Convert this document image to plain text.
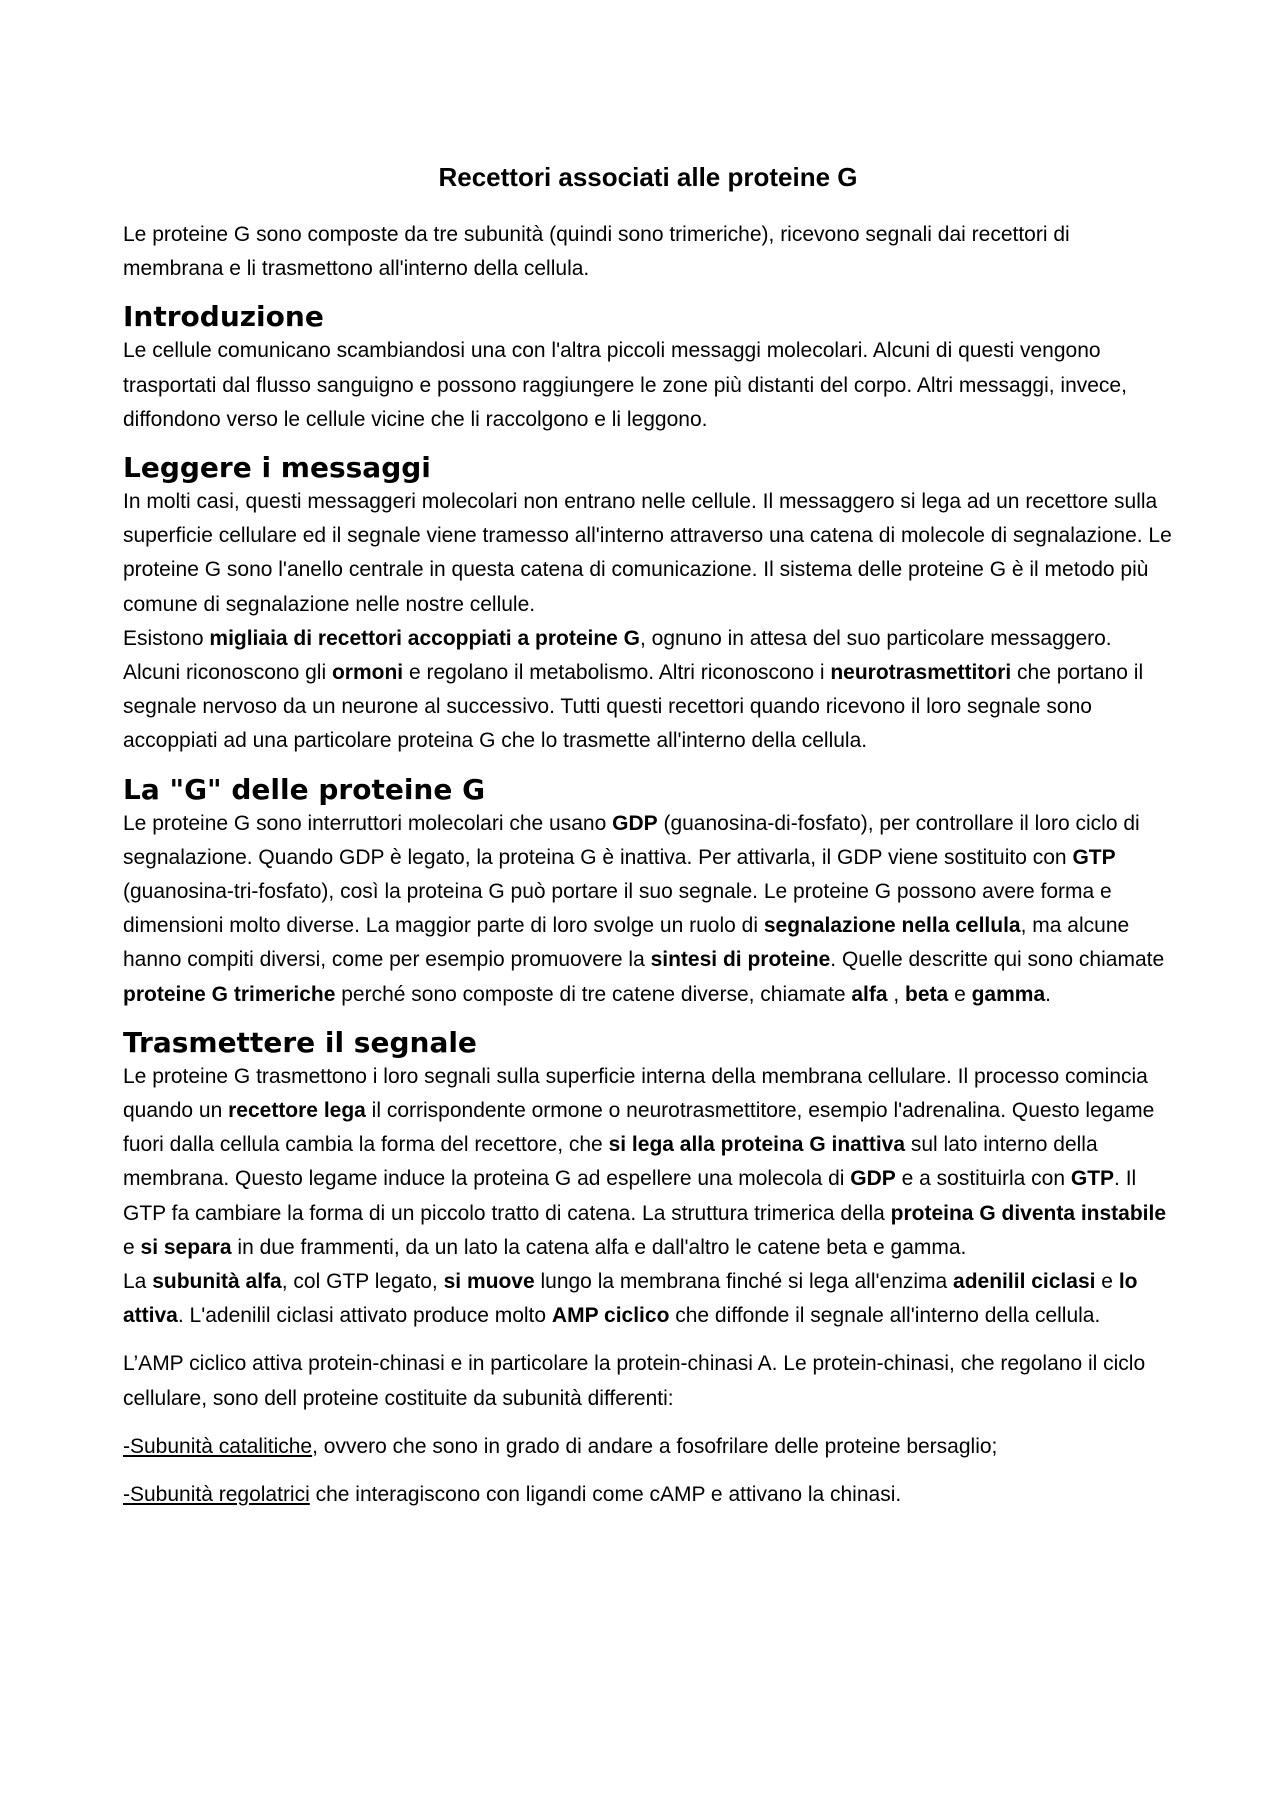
Recettori associati alle proteine G

Le proteine G sono composte da tre subunità (quindi sono trimeriche), ricevono segnali dai recettori di membrana e li trasmettono all'interno della cellula.

Introduzione

Le cellule comunicano scambiandosi una con l'altra piccoli messaggi molecolari. Alcuni di questi vengono trasportati dal flusso sanguigno e possono raggiungere le zone più distanti del corpo. Altri messaggi, invece, diffondono verso le cellule vicine che li raccolgono e li leggono.

Leggere i messaggi

In molti casi, questi messaggeri molecolari non entrano nelle cellule. Il messaggero si lega ad un recettore sulla superficie cellulare ed il segnale viene tramesso all'interno attraverso una catena di molecole di segnalazione. Le proteine G sono l'anello centrale in questa catena di comunicazione. Il sistema delle proteine G è il metodo più comune di segnalazione nelle nostre cellule.

Esistono migliaia di recettori accoppiati a proteine G, ognuno in attesa del suo particolare messaggero. Alcuni riconoscono gli ormoni e regolano il metabolismo. Altri riconoscono i neurotrasmettitori che portano il segnale nervoso da un neurone al successivo. Tutti questi recettori quando ricevono il loro segnale sono accoppiati ad una particolare proteina G che lo trasmette all'interno della cellula.

La "G" delle proteine G

Le proteine G sono interruttori molecolari che usano GDP (guanosina-di-fosfato), per controllare il loro ciclo di segnalazione. Quando GDP è legato, la proteina G è inattiva. Per attivarla, il GDP viene sostituito con GTP (guanosina-tri-fosfato), così la proteina G può portare il suo segnale. Le proteine G possono avere forma e dimensioni molto diverse. La maggior parte di loro svolge un ruolo di segnalazione nella cellula, ma alcune hanno compiti diversi, come per esempio promuovere la sintesi di proteine. Quelle descritte qui sono chiamate proteine G trimeriche perché sono composte di tre catene diverse, chiamate alfa , beta e gamma.

Trasmettere il segnale

Le proteine G trasmettono i loro segnali sulla superficie interna della membrana cellulare. Il processo comincia quando un recettore lega il corrispondente ormone o neurotrasmettitore, esempio l'adrenalina. Questo legame fuori dalla cellula cambia la forma del recettore, che si lega alla proteina G inattiva sul lato interno della membrana. Questo legame induce la proteina G ad espellere una molecola di GDP e a sostituirla con GTP. Il GTP fa cambiare la forma di un piccolo tratto di catena. La struttura trimerica della proteina G diventa instabile e si separa in due frammenti, da un lato la catena alfa e dall'altro le catene beta e gamma.

La subunità alfa, col GTP legato, si muove lungo la membrana finché si lega all'enzima adenilil ciclasi e lo attiva. L'adenilil ciclasi attivato produce molto AMP ciclico che diffonde il segnale all'interno della cellula.

L’AMP ciclico attiva protein-chinasi e in particolare la protein-chinasi A. Le protein-chinasi, che regolano il ciclo cellulare, sono dell proteine costituite da subunità differenti:

-Subunità catalitiche, ovvero che sono in grado di andare a fosofrilare delle proteine bersaglio;

-Subunità regolatrici che interagiscono con ligandi come cAMP e attivano la chinasi.
